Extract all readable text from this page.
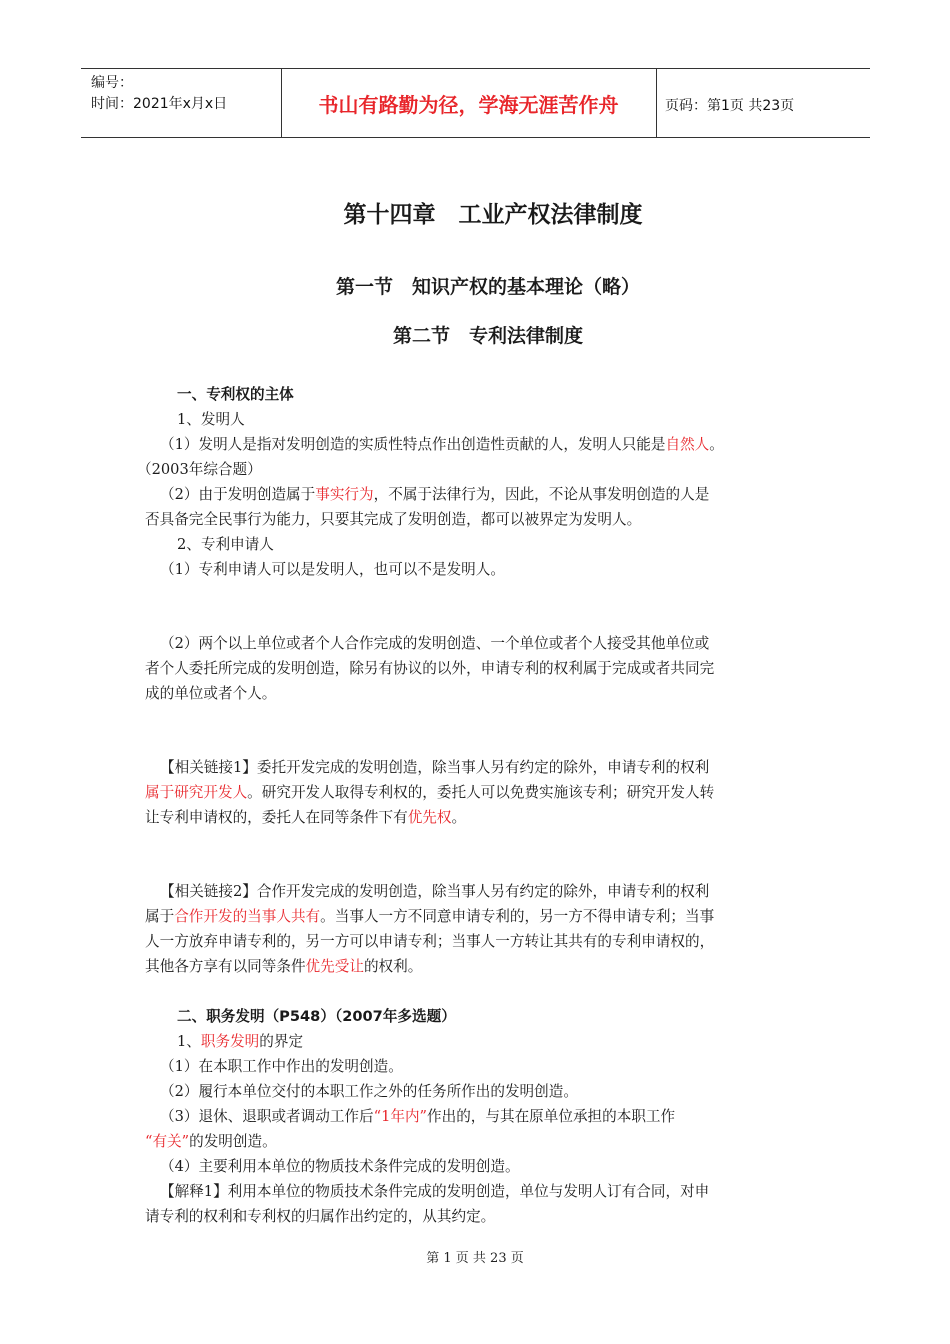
编号：
时间：2021年x月x日	书山有路勤为径，学海无涯苦作舟	页码：第1页 共23页
第十四章　工业产权法律制度
第一节　知识产权的基本理论（略）
第二节　专利法律制度
一、专利权的主体
1、发明人
（1）发明人是指对发明创造的实质性特点作出创造性贡献的人，发明人只能是自然人。
（2003年综合题）
（2）由于发明创造属于事实行为，不属于法律行为，因此，不论从事发明创造的人是
否具备完全民事行为能力，只要其完成了发明创造，都可以被界定为发明人。
2、专利申请人
（1）专利申请人可以是发明人，也可以不是发明人。
（2）两个以上单位或者个人合作完成的发明创造、一个单位或者个人接受其他单位或
者个人委托所完成的发明创造，除另有协议的以外，申请专利的权利属于完成或者共同完
成的单位或者个人。
【相关链接1】委托开发完成的发明创造，除当事人另有约定的除外，申请专利的权利
属于研究开发人。研究开发人取得专利权的，委托人可以免费实施该专利；研究开发人转
让专利申请权的，委托人在同等条件下有优先权。
【相关链接2】合作开发完成的发明创造，除当事人另有约定的除外，申请专利的权利
属于合作开发的当事人共有。当事人一方不同意申请专利的，另一方不得申请专利；当事
人一方放弃申请专利的，另一方可以申请专利；当事人一方转让其共有的专利申请权的，
其他各方享有以同等条件优先受让的权利。
二、职务发明（P548）（2007年多选题）
1、职务发明的界定
（1）在本职工作中作出的发明创造。
（2）履行本单位交付的本职工作之外的任务所作出的发明创造。
（3）退休、退职或者调动工作后“1年内”作出的，与其在原单位承担的本职工作
“有关”的发明创造。
（4）主要利用本单位的物质技术条件完成的发明创造。
【解释1】利用本单位的物质技术条件完成的发明创造，单位与发明人订有合同，对申
请专利的权利和专利权的归属作出约定的，从其约定。
第 1 页 共 23 页
